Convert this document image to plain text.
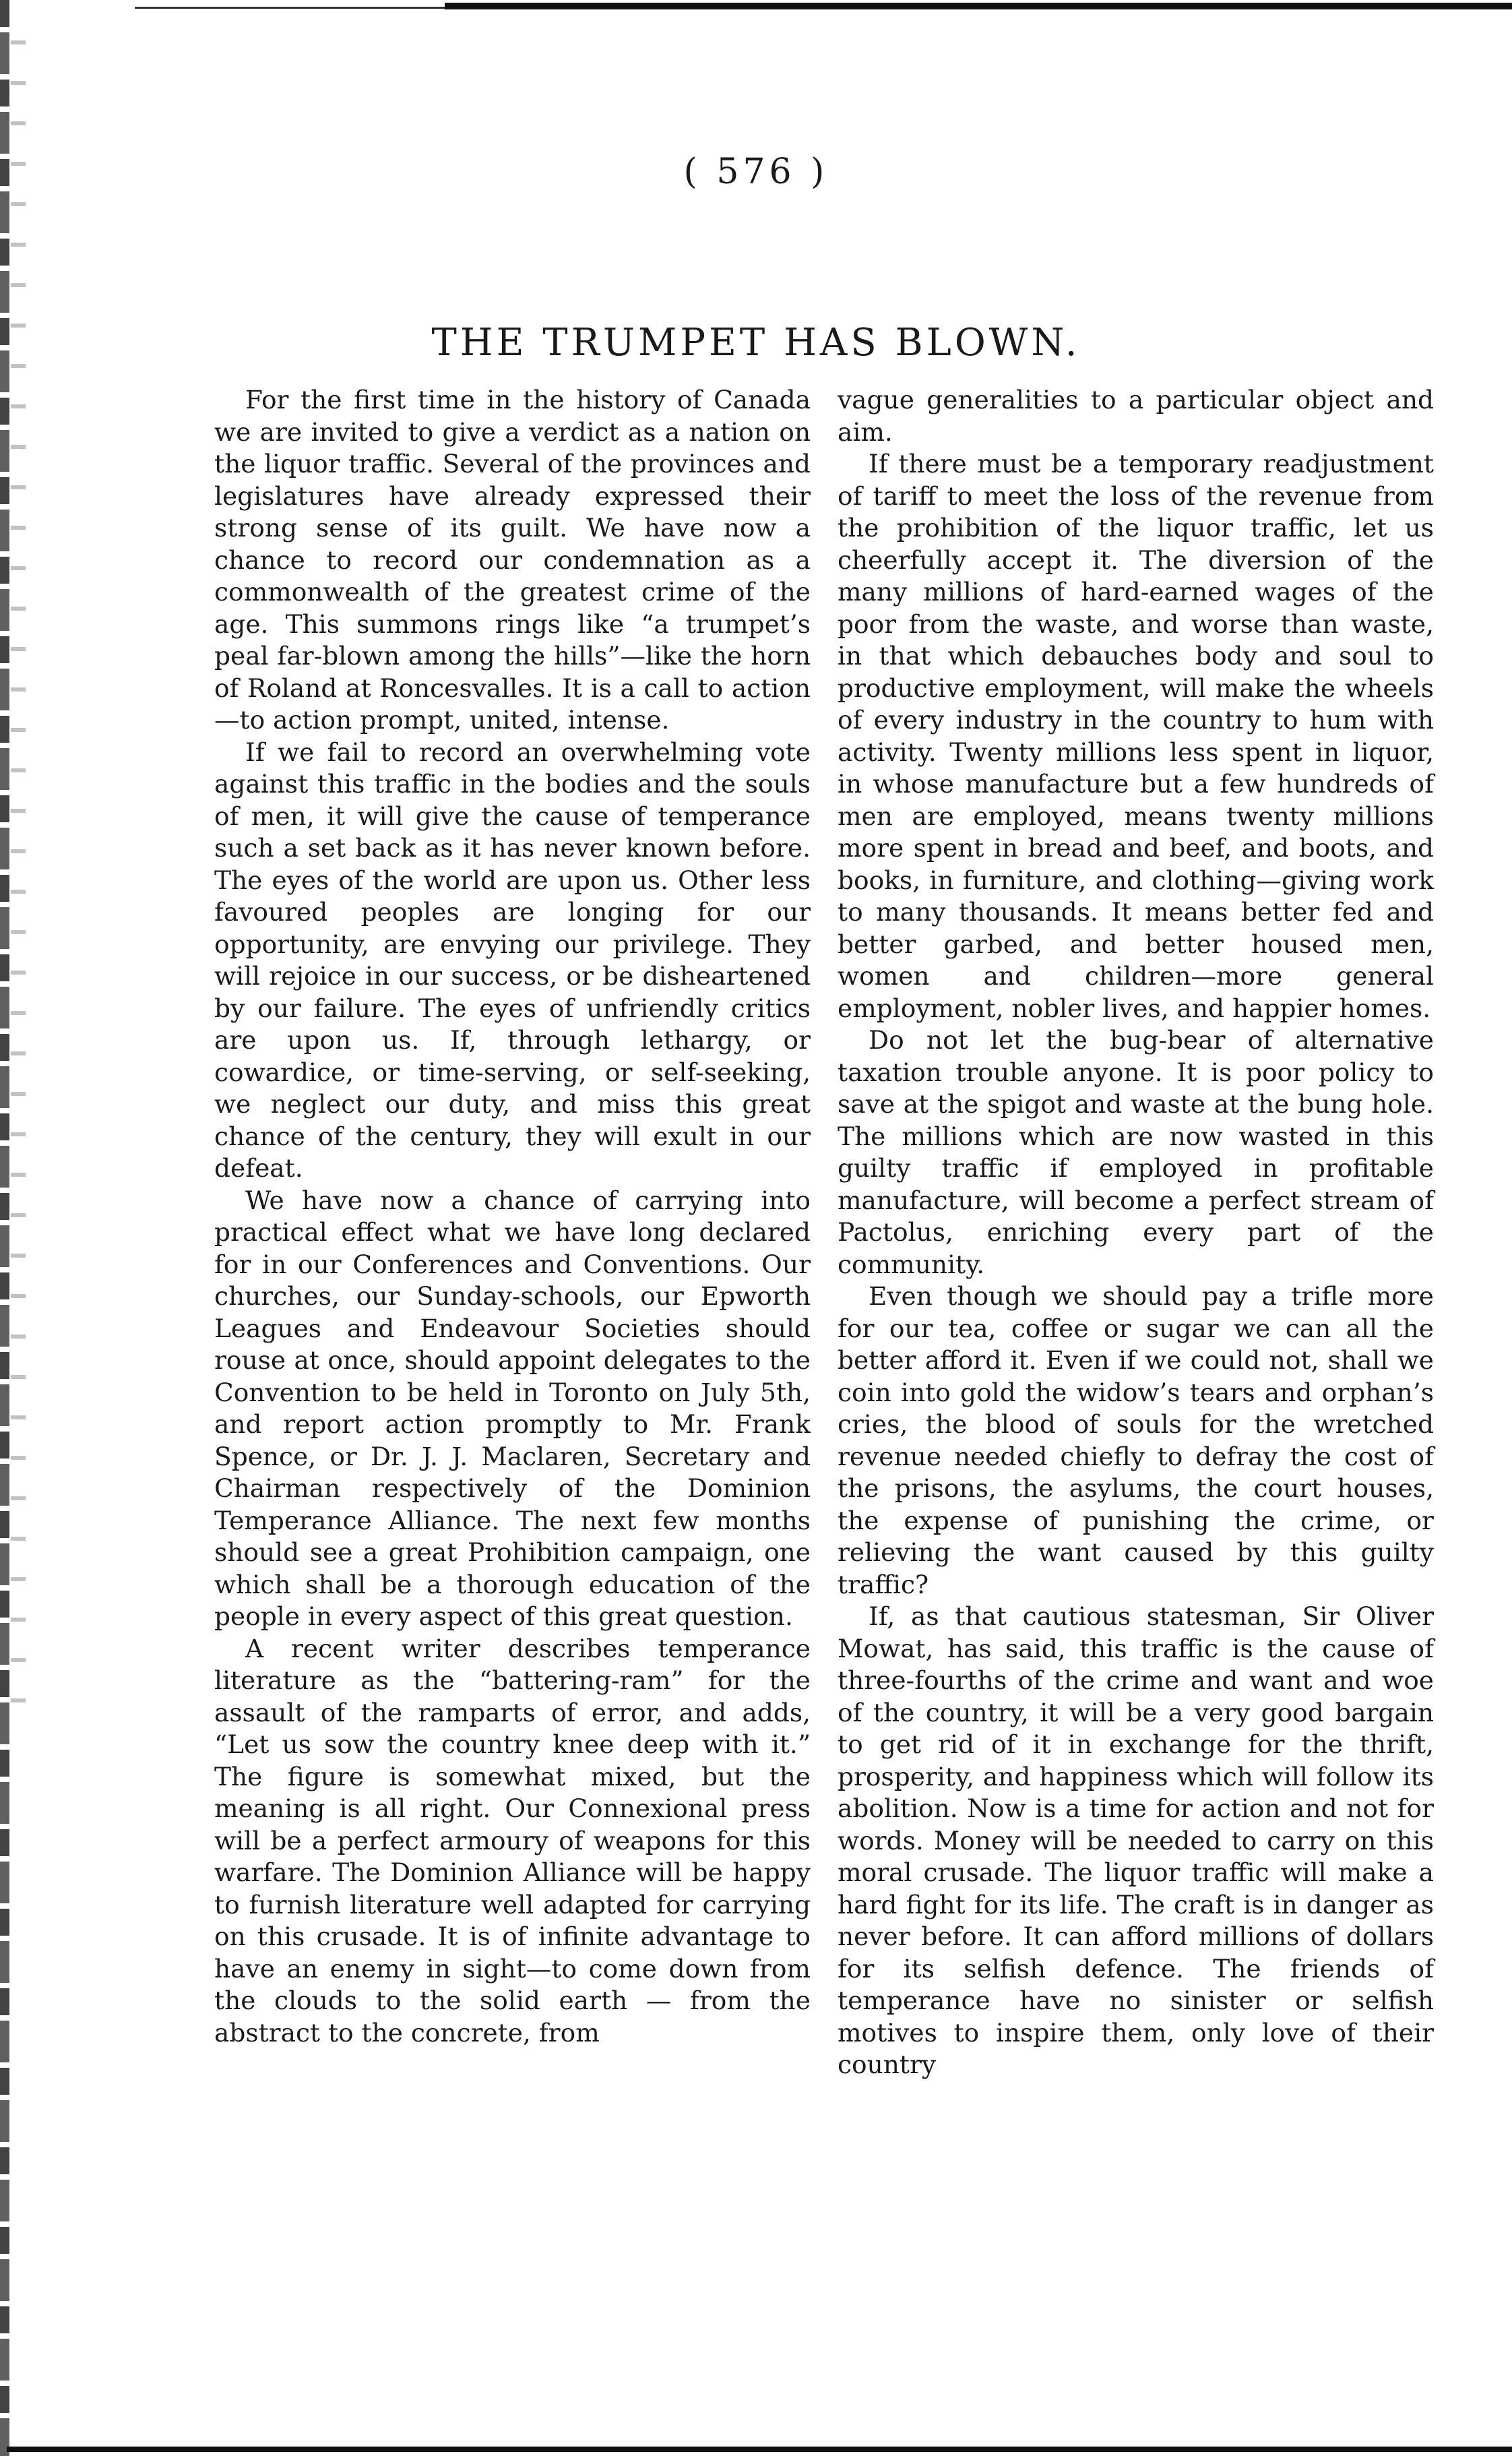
( 576 )
THE TRUMPET HAS BLOWN.

For the first time in the history of Canada we are invited to give a verdict as a nation on the liquor traffic. Several of the provinces and legislatures have already expressed their strong sense of its guilt. We have now a chance to record our condemnation as a commonwealth of the greatest crime of the age. This summons rings like “a trumpet’s peal far-blown among the hills”—like the horn of Roland at Roncesvalles. It is a call to action—to action prompt, united, intense.

If we fail to record an overwhelming vote against this traffic in the bodies and the souls of men, it will give the cause of temperance such a set back as it has never known before. The eyes of the world are upon us. Other less favoured peoples are longing for our opportunity, are envying our privilege. They will rejoice in our success, or be disheartened by our failure. The eyes of unfriendly critics are upon us. If, through lethargy, or cowardice, or time-serving, or self-seeking, we neglect our duty, and miss this great chance of the century, they will exult in our defeat.

We have now a chance of carrying into practical effect what we have long declared for in our Conferences and Conventions. Our churches, our Sunday-schools, our Epworth Leagues and Endeavour Societies should rouse at once, should appoint delegates to the Convention to be held in Toronto on July 5th, and report action promptly to Mr. Frank Spence, or Dr. J. J. Maclaren, Secretary and Chairman respectively of the Dominion Temperance Alliance. The next few months should see a great Prohibition campaign, one which shall be a thorough education of the people in every aspect of this great question.

A recent writer describes temperance literature as the “battering-ram” for the assault of the ramparts of error, and adds, “Let us sow the country knee deep with it.” The figure is somewhat mixed, but the meaning is all right. Our Connexional press will be a perfect armoury of weapons for this warfare. The Dominion Alliance will be happy to furnish literature well adapted for carrying on this crusade. It is of infinite advantage to have an enemy in sight—to come down from the clouds to the solid earth — from the abstract to the concrete, from

vague generalities to a particular object and aim.

If there must be a temporary readjustment of tariff to meet the loss of the revenue from the prohibition of the liquor traffic, let us cheerfully accept it. The diversion of the many millions of hard-earned wages of the poor from the waste, and worse than waste, in that which debauches body and soul to productive employment, will make the wheels of every industry in the country to hum with activity. Twenty millions less spent in liquor, in whose manufacture but a few hundreds of men are employed, means twenty millions more spent in bread and beef, and boots, and books, in furniture, and clothing—giving work to many thousands. It means better fed and better garbed, and better housed men, women and children—more general employment, nobler lives, and happier homes.

Do not let the bug-bear of alternative taxation trouble anyone. It is poor policy to save at the spigot and waste at the bung hole. The millions which are now wasted in this guilty traffic if employed in profitable manufacture, will become a perfect stream of Pactolus, enriching every part of the community.

Even though we should pay a trifle more for our tea, coffee or sugar we can all the better afford it. Even if we could not, shall we coin into gold the widow’s tears and orphan’s cries, the blood of souls for the wretched revenue needed chiefly to defray the cost of the prisons, the asylums, the court houses, the expense of punishing the crime, or relieving the want caused by this guilty traffic?

If, as that cautious statesman, Sir Oliver Mowat, has said, this traffic is the cause of three-fourths of the crime and want and woe of the country, it will be a very good bargain to get rid of it in exchange for the thrift, prosperity, and happiness which will follow its abolition. Now is a time for action and not for words. Money will be needed to carry on this moral crusade. The liquor traffic will make a hard fight for its life. The craft is in danger as never before. It can afford millions of dollars for its selfish defence. The friends of temperance have no sinister or selfish motives to inspire them, only love of their country
